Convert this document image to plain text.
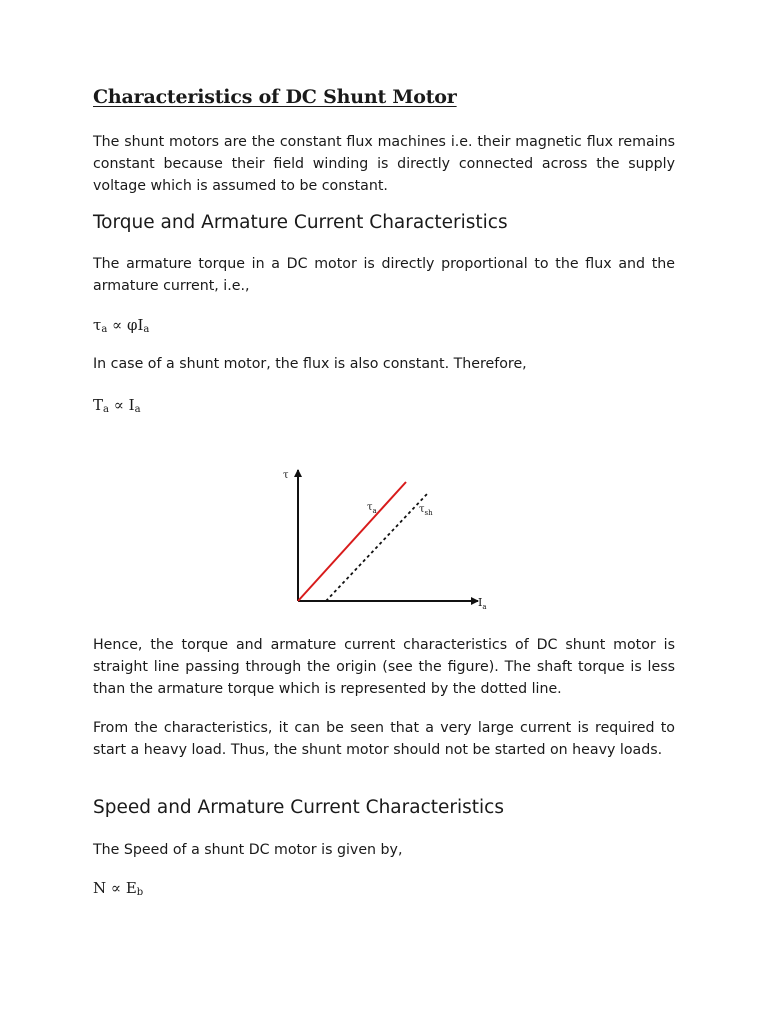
Characteristics of DC Shunt Motor

The shunt motors are the constant flux machines i.e. their magnetic flux remains constant because their field winding is directly connected across the supply voltage which is assumed to be constant.

Torque and Armature Current Characteristics

The armature torque in a DC motor is directly proportional to the flux and the armature current, i.e.,

$\tau_a \propto \varphi I_a$

In case of a shunt motor, the flux is also constant. Therefore,

$T_a \propto I_a$

Hence, the torque and armature current characteristics of DC shunt motor is straight line passing through the origin (see the figure). The shaft torque is less than the armature torque which is represented by the dotted line.

From the characteristics, it can be seen that a very large current is required to start a heavy load. Thus, the shunt motor should not be started on heavy loads.

Speed and Armature Current Characteristics

The Speed of a shunt DC motor is given by,

$N \propto E_b$
τ
$I_a$
$\tau_a$	$\tau_{sh}$
